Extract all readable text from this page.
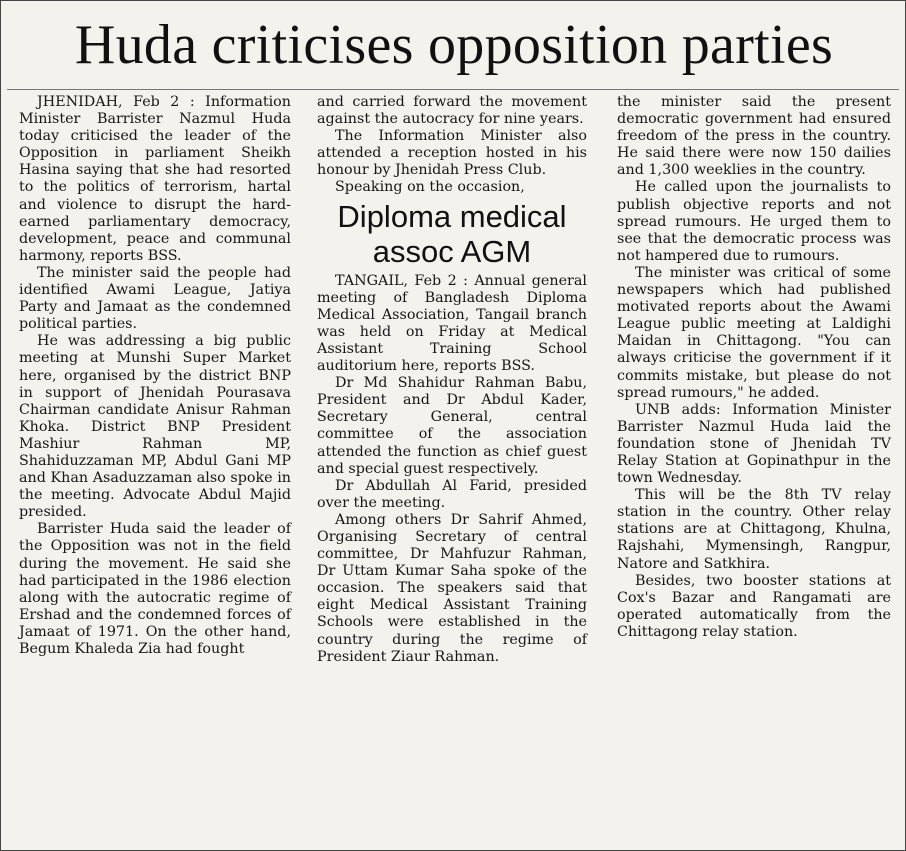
Huda criticises opposition parties

JHENIDAH, Feb 2 : Information Minister Barrister Nazmul Huda today criticised the leader of the Opposition in parliament Sheikh Hasina saying that she had resorted to the politics of terrorism, hartal and violence to disrupt the hard-earned parliamentary democracy, development, peace and communal harmony, reports BSS.

The minister said the people had identified Awami League, Jatiya Party and Jamaat as the condemned political parties.

He was addressing a big public meeting at Munshi Super Market here, organised by the district BNP in support of Jhenidah Pourasava Chairman candidate Anisur Rahman Khoka. District BNP President Mashiur Rahman MP, Shahiduzzaman MP, Abdul Gani MP and Khan Asaduzzaman also spoke in the meeting. Advocate Abdul Majid presided.

Barrister Huda said the leader of the Opposition was not in the field during the movement. He said she had participated in the 1986 election along with the autocratic regime of Ershad and the condemned forces of Jamaat of 1971. On the other hand, Begum Khaleda Zia had fought

and carried forward the movement against the autocracy for nine years.

The Information Minister also attended a reception hosted in his honour by Jhenidah Press Club.

Speaking on the occasion,

Diploma medical assoc AGM

TANGAIL, Feb 2 : Annual general meeting of Bangladesh Diploma Medical Association, Tangail branch was held on Friday at Medical Assistant Training School auditorium here, reports BSS.

Dr Md Shahidur Rahman Babu, President and Dr Abdul Kader, Secretary General, central committee of the association attended the function as chief guest and special guest respectively.

Dr Abdullah Al Farid, presided over the meeting.

Among others Dr Sahrif Ahmed, Organising Secretary of central committee, Dr Mahfuzur Rahman, Dr Uttam Kumar Saha spoke of the occasion. The speakers said that eight Medical Assistant Training Schools were established in the country during the regime of President Ziaur Rahman.

the minister said the present democratic government had ensured freedom of the press in the country. He said there were now 150 dailies and 1,300 weeklies in the country.

He called upon the journalists to publish objective reports and not spread rumours. He urged them to see that the democratic process was not hampered due to rumours.

The minister was critical of some newspapers which had published motivated reports about the Awami League public meeting at Laldighi Maidan in Chittagong. "You can always criticise the government if it commits mistake, but please do not spread rumours," he added.

UNB adds: Information Minister Barrister Nazmul Huda laid the foundation stone of Jhenidah TV Relay Station at Gopinathpur in the town Wednesday.

This will be the 8th TV relay station in the country. Other relay stations are at Chittagong, Khulna, Rajshahi, Mymensingh, Rangpur, Natore and Satkhira.

Besides, two booster stations at Cox's Bazar and Rangamati are operated automatically from the Chittagong relay station.
